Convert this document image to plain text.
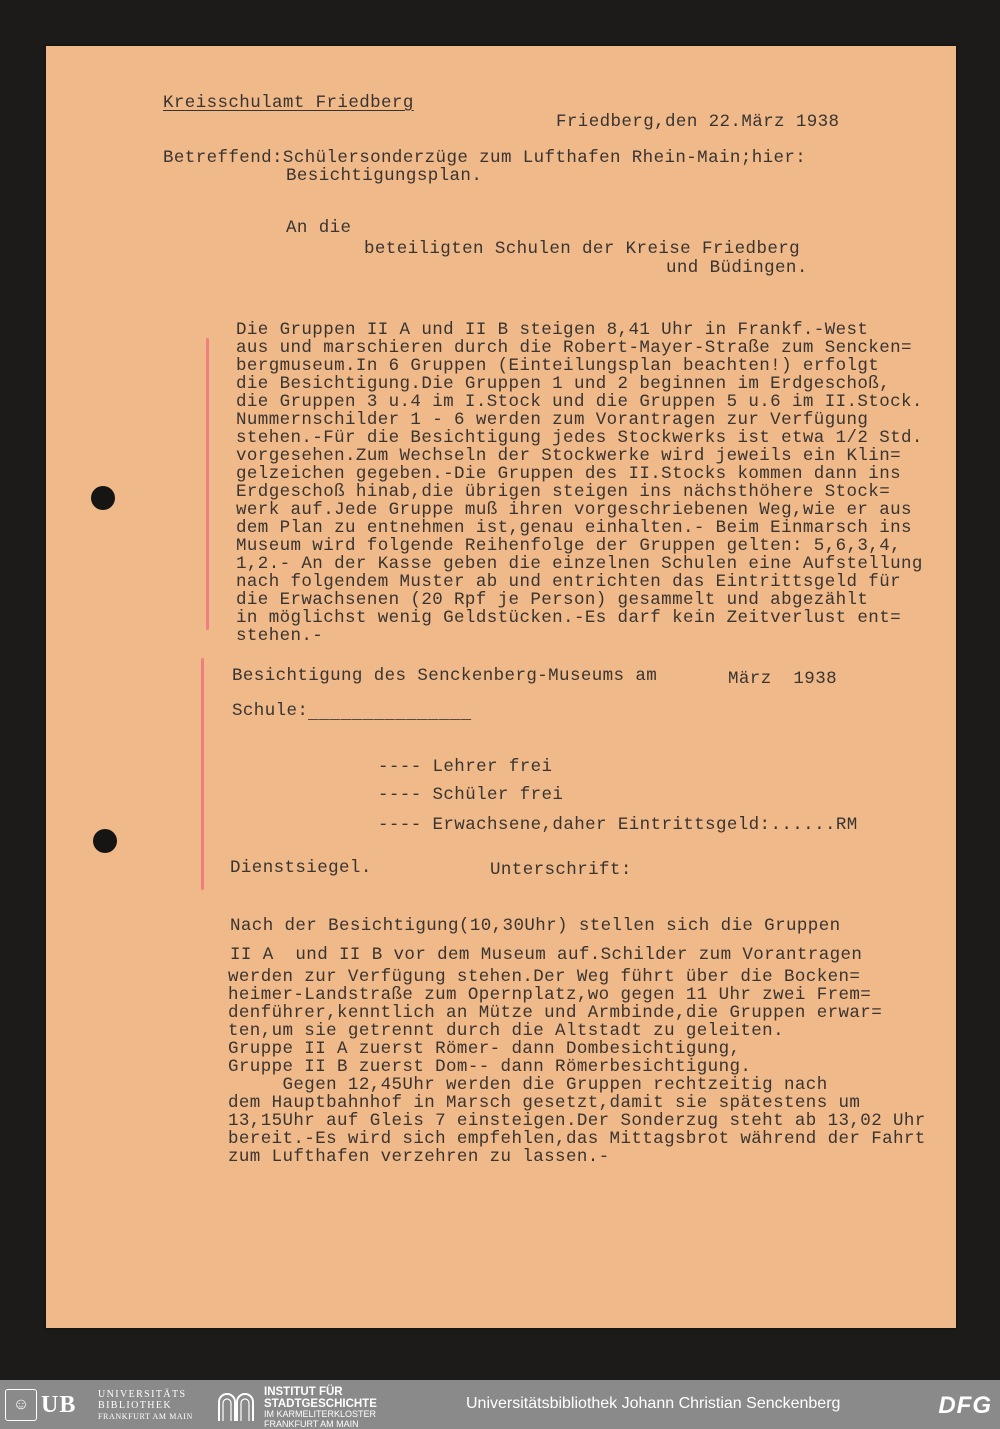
Kreisschulamt Friedberg

Friedberg,den 22.März 1938

Betreffend:Schülersonderzüge zum Lufthafen Rhein-Main;hier:

Besichtigungsplan.

An die

beteiligten Schulen der Kreise Friedberg

und Büdingen.

Die Gruppen II A und II B steigen 8,41 Uhr in Frankf.-West

aus und marschieren durch die Robert-Mayer-Straße zum Sencken=

bergmuseum.In 6 Gruppen (Einteilungsplan beachten!) erfolgt

die Besichtigung.Die Gruppen 1 und 2 beginnen im Erdgeschoß,

die Gruppen 3 u.4 im I.Stock und die Gruppen 5 u.6 im II.Stock.

Nummernschilder 1 - 6 werden zum Vorantragen zur Verfügung

stehen.-Für die Besichtigung jedes Stockwerks ist etwa 1/2 Std.

vorgesehen.Zum Wechseln der Stockwerke wird jeweils ein Klin=

gelzeichen gegeben.-Die Gruppen des II.Stocks kommen dann ins

Erdgeschoß hinab,die übrigen steigen ins nächsthöhere Stock=

werk auf.Jede Gruppe muß ihren vorgeschriebenen Weg,wie er aus

dem Plan zu entnehmen ist,genau einhalten.- Beim Einmarsch ins

Museum wird folgende Reihenfolge der Gruppen gelten: 5,6,3,4,

1,2.- An der Kasse geben die einzelnen Schulen eine Aufstellung

nach folgendem Muster ab und entrichten das Eintrittsgeld für

die Erwachsenen (20 Rpf je Person) gesammelt und abgezählt

in möglichst wenig Geldstücken.-Es darf kein Zeitverlust ent=

stehen.-

Besichtigung des Senckenberg-Museums am	März  1938

Schule: _______________

---- Lehrer frei

---- Schüler frei

---- Erwachsene,daher Eintrittsgeld:......RM

Dienstsiegel.	Unterschrift:

Nach der Besichtigung(10,30Uhr) stellen sich die Gruppen

II A  und II B vor dem Museum auf.Schilder zum Vorantragen

werden zur Verfügung stehen.Der Weg führt über die Bocken=

heimer-Landstraße zum Opernplatz,wo gegen 11 Uhr zwei Frem=

denführer,kenntlich an Mütze und Armbinde,die Gruppen erwar=

ten,um sie getrennt durch die Altstadt zu geleiten.

Gruppe II A zuerst Römer- dann Dombesichtigung,

Gruppe II B zuerst Dom-- dann Römerbesichtigung.

Gegen 12,45Uhr werden die Gruppen rechtzeitig nach

dem Hauptbahnhof in Marsch gesetzt,damit sie spätestens um

13,15Uhr auf Gleis 7 einsteigen.Der Sonderzug steht ab 13,02 Uhr

bereit.-Es wird sich empfehlen,das Mittagsbrot während der Fahrt

zum Lufthafen verzehren zu lassen.-

☺ UB UNIVERSITÄTS
BIBLIOTHEK
FRANKFURT AM MAIN
INSTITUT FÜR
STADTGESCHICHTE
IM KARMELITERKLOSTER
FRANKFURT AM MAIN
Universitätsbibliothek Johann Christian Senckenberg	DFG
